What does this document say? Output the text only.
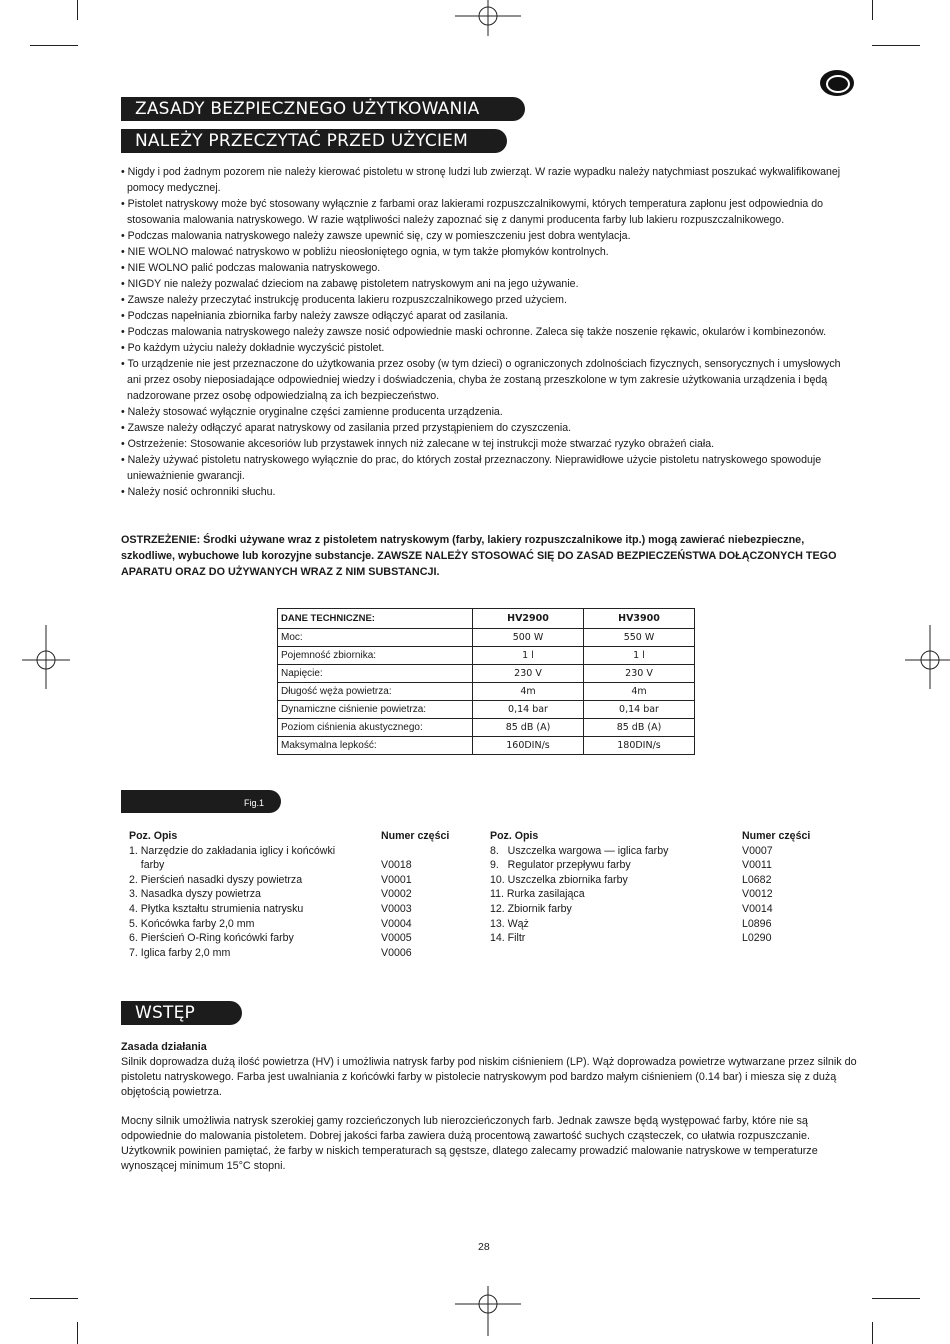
ZASADY BEZPIECZNEGO UŻYTKOWANIA
NALEŻY PRZECZYTAĆ PRZED UŻYCIEM
• Nigdy i pod żadnym pozorem nie należy kierować pistoletu w stronę ludzi lub zwierząt. W razie wypadku należy natychmiast poszukać wykwalifikowanej pomocy medycznej.
• Pistolet natryskowy może być stosowany wyłącznie z farbami oraz lakierami rozpuszczalnikowymi, których temperatura zapłonu jest odpowiednia do stosowania malowania natryskowego. W razie wątpliwości należy zapoznać się z danymi producenta farby lub lakieru rozpuszczalnikowego.
• Podczas malowania natryskowego należy zawsze upewnić się, czy w pomieszczeniu jest dobra wentylacja.
• NIE WOLNO malować natryskowo w pobliżu nieosłoniętego ognia, w tym także płomyków kontrolnych.
• NIE WOLNO palić podczas malowania natryskowego.
• NIGDY nie należy pozwalać dzieciom na zabawę pistoletem natryskowym ani na jego używanie.
• Zawsze należy przeczytać instrukcję producenta lakieru rozpuszczalnikowego przed użyciem.
• Podczas napełniania zbiornika farby należy zawsze odłączyć aparat od zasilania.
• Podczas malowania natryskowego należy zawsze nosić odpowiednie maski ochronne. Zaleca się także noszenie rękawic, okularów i kombinezonów.
• Po każdym użyciu należy dokładnie wyczyścić pistolet.
• To urządzenie nie jest przeznaczone do użytkowania przez osoby (w tym dzieci) o ograniczonych zdolnościach fizycznych, sensorycznych i umysłowych ani przez osoby nieposiadające odpowiedniej wiedzy i doświadczenia, chyba że zostaną przeszkolone w tym zakresie użytkowania urządzenia i będą nadzorowane przez osobę odpowiedzialną za ich bezpieczeństwo.
• Należy stosować wyłącznie oryginalne części zamienne producenta urządzenia.
• Zawsze należy odłączyć aparat natryskowy od zasilania przed przystąpieniem do czyszczenia.
• Ostrzeżenie: Stosowanie akcesoriów lub przystawek innych niż zalecane w tej instrukcji może stwarzać ryzyko obrażeń ciała.
• Należy używać pistoletu natryskowego wyłącznie do prac, do których został przeznaczony. Nieprawidłowe użycie pistoletu natryskowego spowoduje unieważnienie gwarancji.
• Należy nosić ochronniki słuchu.
OSTRZEŻENIE: Środki używane wraz z pistoletem natryskowym (farby, lakiery rozpuszczalnikowe itp.) mogą zawierać niebezpieczne, szkodliwe, wybuchowe lub korozyjne substancje. ZAWSZE NALEŻY STOSOWAĆ SIĘ DO ZASAD BEZPIECZEŃSTWA DOŁĄCZONYCH TEGO APARATU ORAZ DO UŻYWANYCH WRAZ Z NIM SUBSTANCJI.
DANE TECHNICZNE:	HV2900	HV3900
Moc:	500 W	550 W
Pojemność zbiornika:	1 l	1 l
Napięcie:	230 V	230 V
Długość węża powietrza:	4m	4m
Dynamiczne ciśnienie powietrza:	0,14 bar	0,14 bar
Poziom ciśnienia akustycznego:	85 dB (A)	85 dB (A)
Maksymalna lepkość:	160DIN/s	180DIN/s
Fig.1
Poz. Opis	Numer części
1. Narzędzie do zakładania iglicy i końcówki
farby	V0018
2. Pierścień nasadki dyszy powietrza	V0001
3. Nasadka dyszy powietrza	V0002
4. Płytka kształtu strumienia natrysku	V0003
5. Końcówka farby 2,0 mm	V0004
6. Pierścień O-Ring końcówki farby	V0005
7. Iglica farby 2,0 mm	V0006
Poz. Opis	Numer części
8.   Uszczelka wargowa — iglica farby	V0007
9.   Regulator przepływu farby	V0011
10. Uszczelka zbiornika farby	L0682
11. Rurka zasilająca	V0012
12. Zbiornik farby	V0014
13. Wąż	L0896
14. Filtr	L0290
WSTĘP
Zasada działania

Silnik doprowadza dużą ilość powietrza (HV) i umożliwia natrysk farby pod niskim ciśnieniem (LP). Wąż doprowadza powietrze wytwarzane przez silnik do pistoletu natryskowego. Farba jest uwalniania z końcówki farby w pistolecie natryskowym pod bardzo małym ciśnieniem (0.14 bar) i miesza się z dużą objętością powietrza.

Mocny silnik umożliwia natrysk szerokiej gamy rozcieńczonych lub nierozcieńczonych farb. Jednak zawsze będą występować farby, które nie są odpowiednie do malowania pistoletem. Dobrej jakości farba zawiera dużą procentową zawartość suchych cząsteczek, co ułatwia rozpuszczanie. Użytkownik powinien pamiętać, że farby w niskich temperaturach są gęstsze, dlatego zalecamy prowadzić malowanie natryskowe w temperaturze wynoszącej minimum 15°C stopni.

28
